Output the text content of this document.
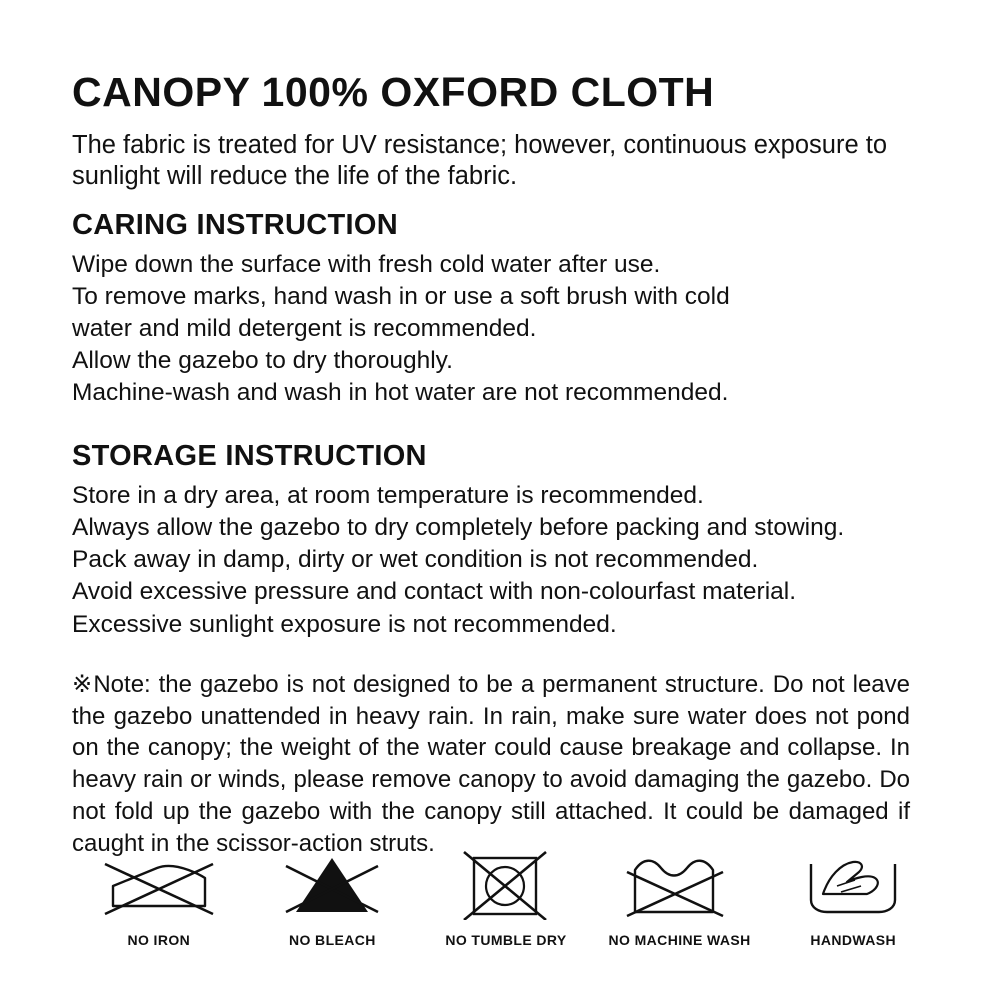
CANOPY 100% OXFORD CLOTH

The fabric is treated for UV resistance; however, continuous exposure to sunlight will reduce the life of the fabric.

CARING INSTRUCTION

Wipe down the surface with fresh cold water after use.

To remove marks, hand wash in or use a soft brush with cold

water and mild detergent is recommended.

Allow the gazebo to dry thoroughly.

Machine-wash and wash in hot water are not recommended.

STORAGE INSTRUCTION

Store in a dry area, at room temperature is recommended.

Always allow the gazebo to dry completely before packing and stowing.

Pack away in damp, dirty or wet condition is not recommended.

Avoid excessive pressure and contact with non-colourfast material.

Excessive sunlight exposure is not recommended.

※Note: the gazebo is not designed to be a permanent structure. Do not leave the gazebo unattended in heavy rain. In rain, make sure water does not pond on the canopy; the weight of the water could cause breakage and collapse. In heavy rain or winds, please remove canopy to avoid damaging the gazebo. Do not fold up the gazebo with the canopy still attached. It could be damaged if caught in the scissor-action struts.

NO IRON	NO BLEACH	NO TUMBLE DRY	NO MACHINE WASH	HANDWASH
